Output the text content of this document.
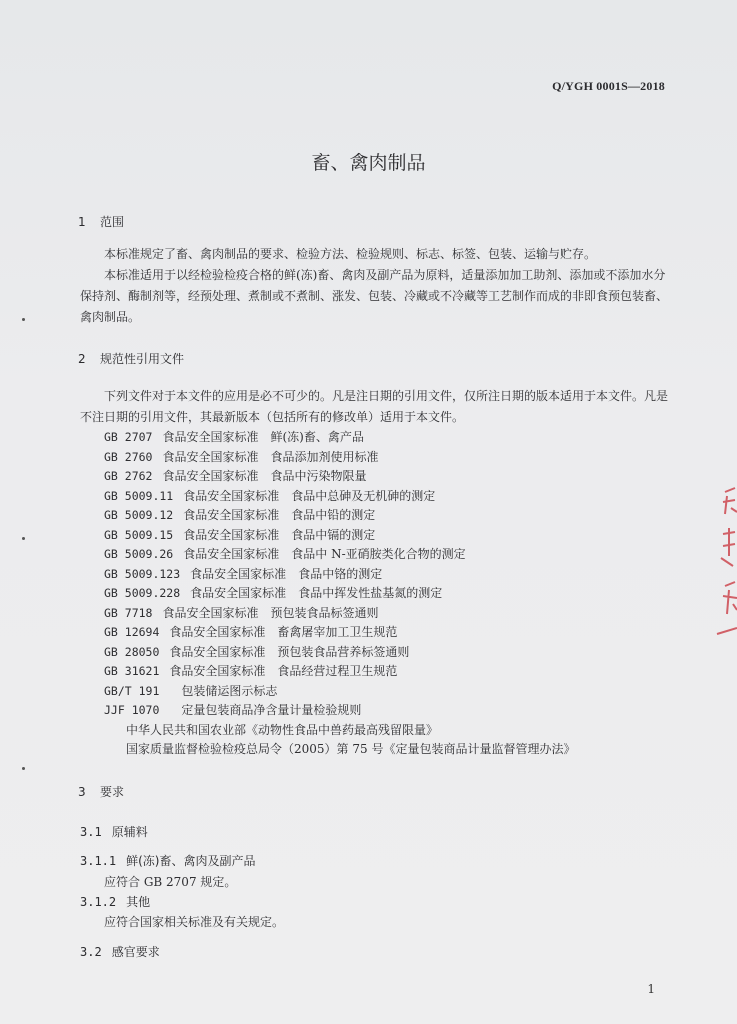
Q/YGH 0001S—2018
畜、禽肉制品
1 范围

本标准规定了畜、禽肉制品的要求、检验方法、检验规则、标志、标签、包装、运输与贮存。

本标准适用于以经检验检疫合格的鲜(冻)畜、禽肉及副产品为原料，适量添加加工助剂、添加或不添加水分保持剂、酶制剂等，经预处理、煮制或不煮制、涨发、包装、冷藏或不冷藏等工艺制作而成的非即食预包装畜、禽肉制品。

2 规范性引用文件

下列文件对于本文件的应用是必不可少的。凡是注日期的引用文件，仅所注日期的版本适用于本文件。凡是不注日期的引用文件，其最新版本（包括所有的修改单）适用于本文件。

GB 2707 食品安全国家标准 鲜(冻)畜、禽产品
GB 2760 食品安全国家标准 食品添加剂使用标准
GB 2762 食品安全国家标准 食品中污染物限量
GB 5009.11 食品安全国家标准 食品中总砷及无机砷的测定
GB 5009.12 食品安全国家标准 食品中铅的测定
GB 5009.15 食品安全国家标准 食品中镉的测定
GB 5009.26 食品安全国家标准 食品中 N-亚硝胺类化合物的测定
GB 5009.123 食品安全国家标准 食品中铬的测定
GB 5009.228 食品安全国家标准 食品中挥发性盐基氮的测定
GB 7718 食品安全国家标准 预包装食品标签通则
GB 12694 食品安全国家标准 畜禽屠宰加工卫生规范
GB 28050 食品安全国家标准 预包装食品营养标签通则
GB 31621 食品安全国家标准 食品经营过程卫生规范
GB/T 191 包装储运图示标志
JJF 1070 定量包装商品净含量计量检验规则
中华人民共和国农业部《动物性食品中兽药最高残留限量》
国家质量监督检验检疫总局令（2005）第 75 号《定量包装商品计量监督管理办法》
3 要求
3.1 原辅料
3.1.1 鲜(冻)畜、禽肉及副产品
应符合 GB 2707 规定。
3.1.2 其他
应符合国家相关标准及有关规定。
3.2 感官要求
1
